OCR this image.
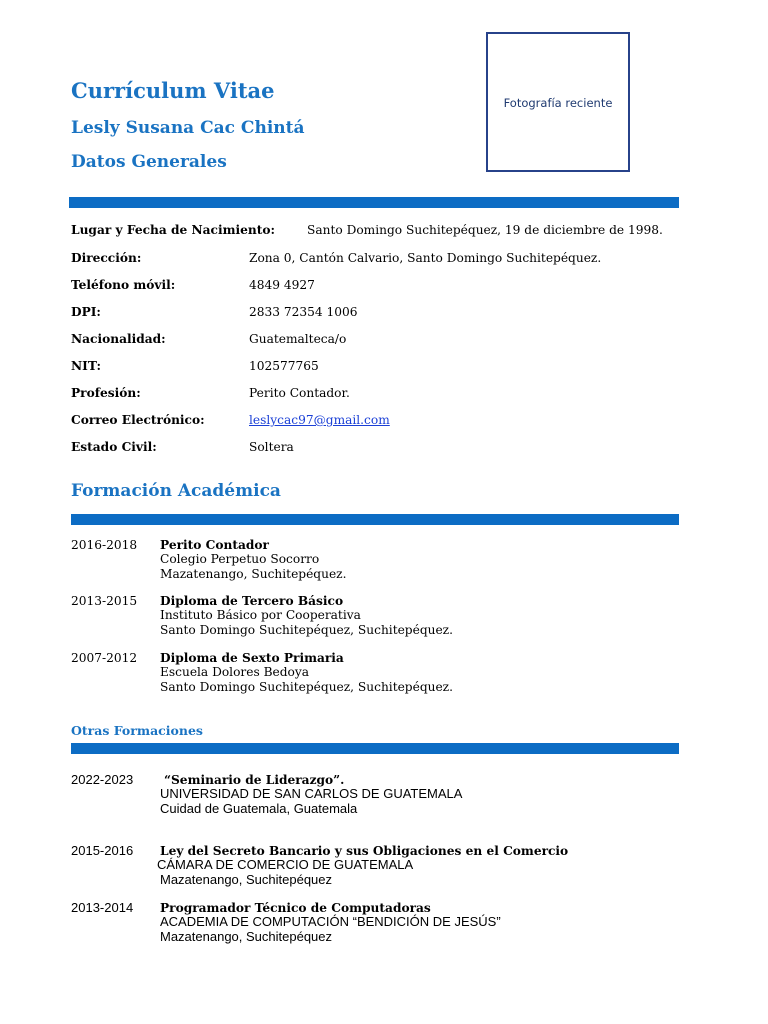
Currículum Vitae
Lesly Susana Cac Chintá
Datos Generales
Fotografía reciente
Lugar y Fecha de Nacimiento:	Santo Domingo Suchitepéquez, 19 de diciembre de 1998.
Dirección:	Zona 0, Cantón Calvario, Santo Domingo Suchitepéquez.
Teléfono móvil:	4849 4927
DPI:	2833 72354 1006
Nacionalidad:	Guatemalteca/o
NIT:	102577765
Profesión:	Perito Contador.
Correo Electrónico:	leslycac97@gmail.com
Estado Civil:	Soltera
Formación Académica
2016-2018 Perito Contador
Colegio Perpetuo Socorro
Mazatenango, Suchitepéquez.
2013-2015 Diploma de Tercero Básico
Instituto Básico por Cooperativa
Santo Domingo Suchitepéquez, Suchitepéquez.
2007-2012 Diploma de Sexto Primaria
Escuela Dolores Bedoya
Santo Domingo Suchitepéquez, Suchitepéquez.
Otras Formaciones
2022-2023	“Seminario de Liderazgo”.
UNIVERSIDAD DE SAN CARLOS DE GUATEMALA
Cuidad de Guatemala, Guatemala
2015-2016 Ley del Secreto Bancario y sus Obligaciones en el Comercio
CÁMARA DE COMERCIO DE GUATEMALA
Mazatenango, Suchitepéquez
2013-2014 Programador Técnico de Computadoras
ACADEMIA DE COMPUTACIÓN “BENDICIÓN DE JESÚS”
Mazatenango, Suchitepéquez
